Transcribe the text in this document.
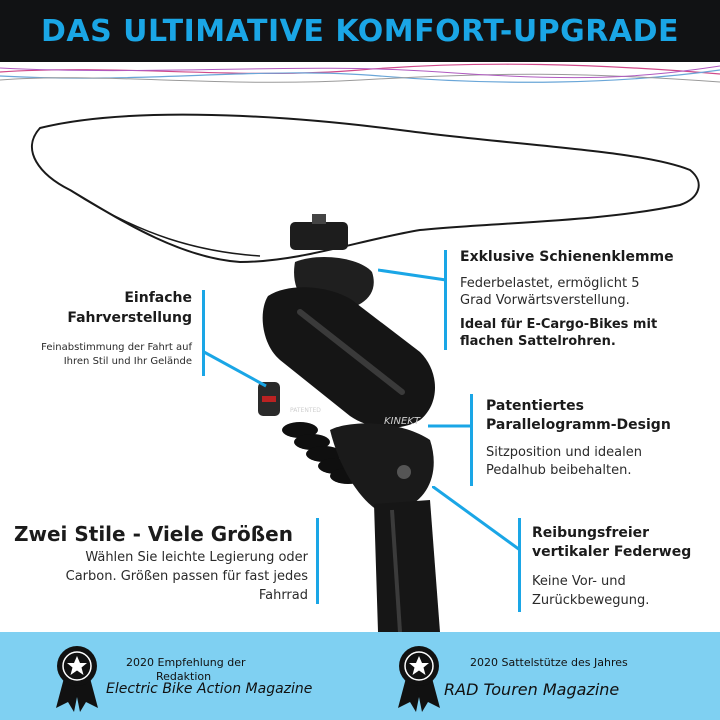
DAS ULTIMATIVE KOMFORT-UPGRADE
KINEKT
PATENTED
Exklusive Schienenklemme
Federbelastet, ermöglicht 5
Grad Vorwärtsverstellung.
Ideal für E-Cargo-Bikes mit
flachen Sattelrohren.
Einfache
Fahrverstellung
Feinabstimmung der Fahrt auf
Ihren Stil und Ihr Gelände
Patentiertes
Parallelogramm-Design
Sitzposition und idealen
Pedalhub beibehalten.
Zwei Stile - Viele Größen
Wählen Sie leichte Legierung oder
Carbon. Größen passen für fast jedes
Fahrrad
Reibungsfreier
vertikaler Federweg
Keine Vor- und
Zurückbewegung.
2020 Empfehlung der
Redaktion
Electric Bike Action Magazine
2020 Sattelstütze des Jahres
RAD Touren Magazine
